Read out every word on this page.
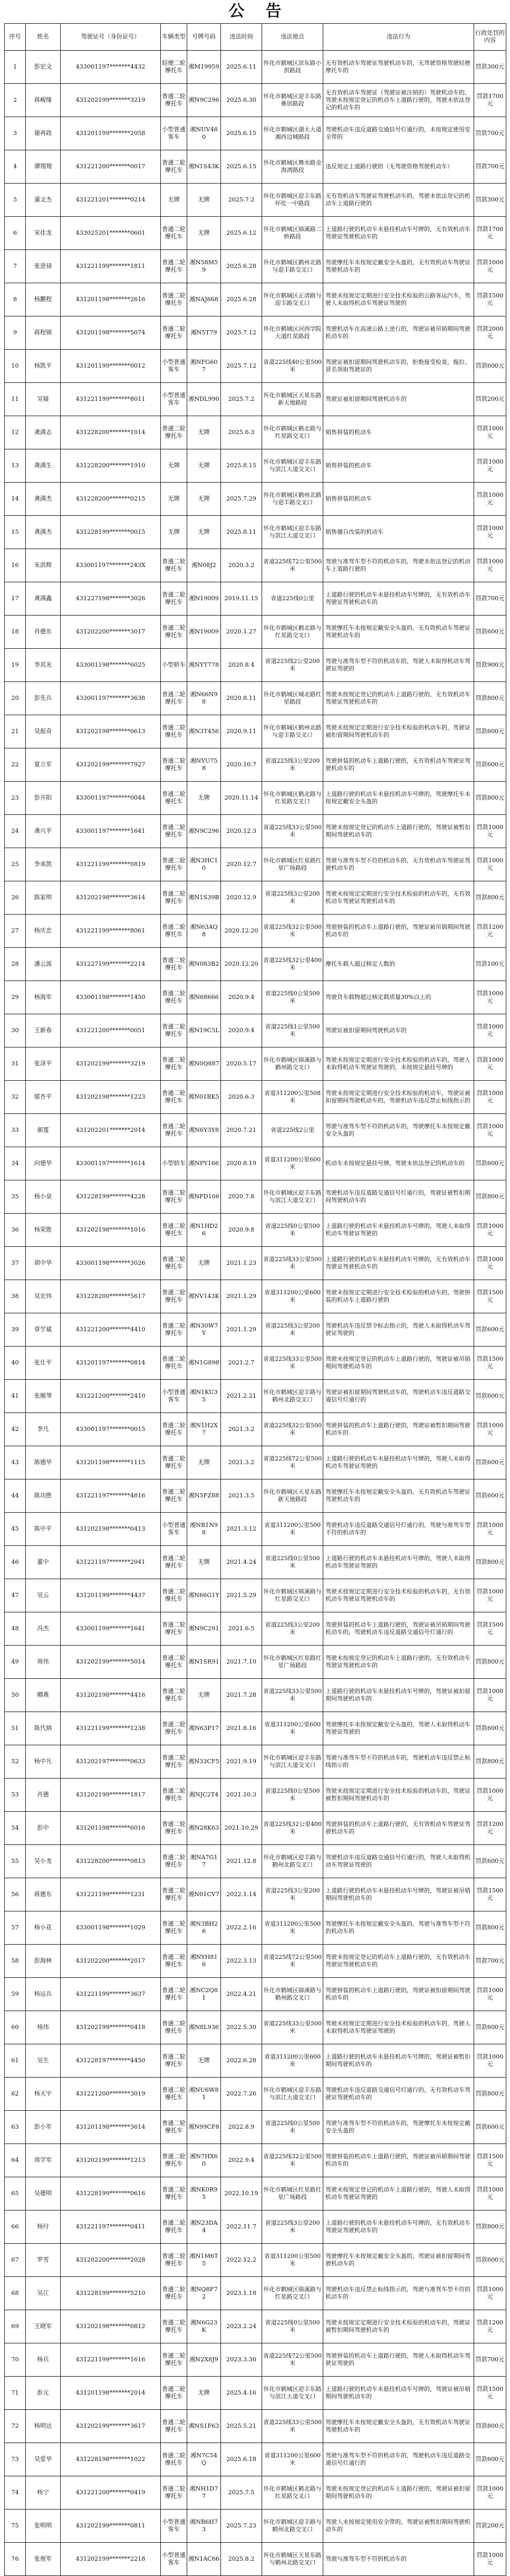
公告
序号	姓名	驾驶证号（身份证号）	车辆类型	号牌号码	违法时间	违法地点	违法行为	行政处罚的内容
1	彭宏文	433001197*******4432	轻便二轮摩托车	湘M19959	2025.6.11	怀化市鹤城区滨东路小拱路段	无有效机动车驾驶证驾驶机动车的，无驾驶资格驾驶轻便摩托车的	罚款300元
2	蒋峻缘	431202199*******3219	普通二轮摩托车	湘N9C296	2025.6.30	怀化市鹤城区迎丰东路雅居路段	无有效机动车驾驶证（驾驶证被注销的）驾驶机动车的，驾驶未按规定登记的机动车上道路行驶的，驾驶未依法登记的机动车的	罚款1700元
3	谢再政	431201199*******2058	小型普通客车	湘NUV480	2025.6.15	怀化市鹤城区湖天大道湘西边城路段	驾驶机动车违反道路交通信号灯通行的，未按规定使用安全带的	罚款700元
4	谭翔翔	431221200*******0017	普通二轮摩托车	湘N1S43K	2025.6.15	怀化市鹤城区舞水路金海湾路段	违反规定上道路行驶的（无驾驶资格驾驶机动车）	罚款700元
5	蒲文杰	431221201*******0214	无牌	无牌	2025.7.2	怀化市鹤城区迎丰东路怀化一中路段	无有效机动车驾驶证驾驶机动车的，驾驶未依法登记的机动车上道路行驶的	罚款300元
6	宋佳龙	433025201*******0601	普通二轮摩托车	无牌	2025.6.12	怀化市鹤城区锦溪路二桥路段	上道路行驶的机动车未悬挂机动车号牌的，无有效机动车驾驶证驾驶机动车的	罚款1700元
7	张进禄	431221199*******1811	普通二轮摩托车	湘N58M59	2025.6.28	怀化市鹤城区鹤州北路与迎丰路交叉口	驾驶摩托车未按规定戴安全头盔的，无有效机动车驾驶证驾驶机动车的	罚款1000元
8	杨鹏程	431201198*******2616	普通二轮摩托车	湘NAJ668	2025.6.28	怀化市鹤城区正清路与迎丰路交叉口	驾驶未按规定定期进行安全技术检验的公路客运汽车，驾驶人未取得机动车驾驶证驾驶的	罚款1500元
9	蒋程锦	431201198*******5074	普通二轮摩托车	湘N5T79	2025.7.12	怀化市鹤城区河西学院大道红星路段	驾驶机动车在高速公路上逆行的，驾驶证被吊销期间驾驶机动车的	罚款2000元
10	杨凯平	431201199*******0012	小型普通客车	湘NFG607	2025.7.12	省道225线40公里500米	驾驶证被扣留期间驾驶机动车的，拒绝接受检查，拖拉、冒名领取驾驶证的	罚款600元
11	吴疑	431221199*******8011	小型普通客车	湘NDL990	2025.7.2	怀化市鹤城区天星东路新天地路段	驾驶证被扣留期间驾驶机动车的	罚款200元
12	龚满志	431228200*******1014	普通二轮摩托车	无牌	2025.6.3	怀化市鹤城区鹤北路与红星路交叉口	销售拼装的机动车	罚款1000元
13	龚满生	431228200*******1910	无牌	无牌	2025.8.15	怀化市鹤城区迎丰东路与滨江大道交叉口	销售拼装的机动车	罚款1000元
14	龚满杰	431228200*******0215	无牌	无牌	2025.7.29	怀化市鹤城区鹤州北路与迎丰路交叉口	销售拼装的机动车	罚款1000元
15	龚满杰	431228199*******0015	无牌	无牌	2025.8.11	怀化市鹤城区迎丰东路与滨江大道交叉口	销售擅自改装的机动车	罚款1000元
16	朱洪辉	433001197*******243X	普通二轮摩托车	湘N08J2	2020.3.2	省道225线72公里500米	驾驶与准驾车型不符的机动车的，驾驶未依法登记的机动车上道路行驶的	罚款1000元
17	龚满鑫	431227198*******3026	普通二轮摩托车	湘N19009	2019.11.15	省道225线0公里	上道路行驶的机动车未悬挂机动车号牌的，无有效机动车驾驶证驾驶机动车的	罚款700元
18	肖德东	431202200*******3017	普通二轮摩托车	湘N19009	2020.1.27	怀化市鹤城区鹤北路与红星路交叉口	驾驶摩托车未按规定戴安全头盔的，无有效机动车驾驶证驾驶机动车的	罚款600元
19	李其光	433001198*******6025	小型轿车	湘NYT778	2020.8.4	省道225线2公里200米	驾驶与准驾车型不符的机动车的，驾驶人未取得机动车驾驶证驾驶的	罚款900元
20	彭先兵	433001197*******3638	普通二轮摩托车	湘N66N98	2020.8.11	怀化市鹤城区城北路红星路段	驾驶未按规定登记的机动车上道路行驶的，无有效机动车驾驶证驾驶机动车的	罚款800元
21	吴振奇	431202198*******0613	普通二轮摩托车	湘N3T456	2020.9.11	怀化市鹤城区鹤州北路与迎丰路交叉口	驾驶未按规定定期进行安全技术检验的机动车的，驾驶证被扣留期间驾驶机动车的	罚款600元
22	夏立军	431202199*******7927	普通二轮摩托车	湘NYU758	2020.10.7	省道225线3公里200米	驾驶拼装的机动车上道路行驶的，无有效机动车驾驶证驾驶机动车的	罚款600元
23	彭开阳	433001197*******0044	普通二轮摩托车	无牌	2020.11.14	怀化市鹤城区鹤北路与红星路交叉口	上道路行驶的机动车未悬挂机动车号牌的，驾驶摩托车未按规定戴安全头盔的	罚款800元
24	龚兴平	433001197*******1641	普通二轮摩托车	湘N9C296	2020.12.3	省道225线33公里500米	驾驶未按规定登记的机动车上道路行驶的，驾驶证被暂扣期间驾驶机动车的	罚款1000元
25	李承凯	431221199*******0819	普通二轮摩托车	湘N3HC10	2020.12.7	怀化市鹤城区红星路红星广场路段	驾驶与准驾车型不符的机动车的，无有效机动车驾驶证驾驶机动车的	罚款1000元
26	陈家明	431202198*******3614	普通二轮摩托车	湘N1S39B	2020.12.9	省道225线3公里200米	驾驶未按规定定期进行安全技术检验的机动车的，无有效机动车驾驶证驾驶机动车的	罚款800元
27	杨庆忠	431221199*******8061	普通二轮摩托车	湘N63AQ8	2020.12.20	省道225线32公里500米	驾驶拼装的机动车上道路行驶的，驾驶证被吊销期间驾驶机动车的	罚款1200元
28	潘云波	431227199*******2214	普通二轮摩托车	湘N083B2	2020.12.20	省道225线32公里400米	摩托车载人超过核定人数的	罚款100元
29	杨海军	433001198*******1450	普通二轮摩托车	湘N68666	2020.9.4	省道225线0公里500米	驾驶货车载物超过核定载质量30%以上的	罚款1000元
30	王新春	431221200*******0051	普通二轮摩托车	湘N19C5L	2020.9.4	省道225线1公里500米	驾驶证被扣留期间驾驶机动车的	罚款1000元
31	张泽平	431202199*******3219	普通二轮摩托车	湘N0Q887	2020.5.17	怀化市鹤城区锦溪路与鹤州路交叉口	驾驶未按规定定期进行安全技术检验的机动车的，驾驶人未取得机动车驾驶证驾驶的，未按规定悬挂号牌的	罚款1000元
32	郁杏平	431202198*******1223	普通二轮摩托车	湘N01BK5	2020.6.3	省道311200公里508米	驾驶未按规定定期进行安全技术检验的机动车，驾驶证被扣留期间驾驶机动车的，驾驶机动车违反禁止标线指示的	罚款1000元
33	郝霆	431202201*******2014	普通二轮摩托车	湘N6Y3Y8	2020.7.21	省道225线2公里	驾驶与准驾车型不符的机动车的，驾驶摩托车未按规定戴安全头盔的	罚款1000元
34	向德华	433001197*******1614	小型轿车	湘NPY166	2020.8.19	省道311200公里600米	机动车未按规定悬挂号牌，驾驶未依法登记的机动车的	罚款600元
35	杨小泉	431228199*******4228	普通二轮摩托车	湘NPD166	2020.7.8	怀化市鹤城区迎丰东路与滨江大道交叉口	驾驶机动车违反道路交通信号灯通行的，驾驶证被暂扣期间驾驶机动车的	罚款800元
36	杨荣胜	431202198*******1016	普通二轮摩托车	湘N1HD26	2020.9.8	省道225线0公里500米	上道路行驶的机动车未悬挂机动车号牌的，驾驶人未取得机动车驾驶证驾驶的	罚款1000元
37	胡中华	433001198*******3026	普通二轮摩托车	无牌	2021.1.23	省道225线33公里500米	上道路行驶的机动车未悬挂机动车号牌的，无有效机动车驾驶证驾驶机动车的	罚款1000元
38	吴宏伟	431228200*******5617	普通二轮摩托车	湘NV143K	2021.1.29	省道311200公里600米	驾驶未按规定定期进行安全技术检验的机动车的，驾驶拼装的机动车上道路行驶的	罚款1500元
39	章学斌	431221200*******4410	普通二轮摩托车	湘N30W7Y	2021.1.29	省道225线3公里200米	驾驶机动车违反禁令标志指示的，驾驶人未取得机动车驾驶证驾驶的	罚款600元
40	张仕平	431201197*******0814	普通二轮摩托车	湘N1G898	2021.2.7	省道225线33公里500米	驾驶未按规定登记的机动车上道路行驶的，驾驶证被吊销期间驾驶机动车的	罚款1500元
41	张顺琴	431221200*******2410	小型普通客车	湘N1KU35	2021.2.21	怀化市鹤城区迎丰路与鹤州北路交叉口	驾驶证被扣留期间驾驶机动车的，驾驶机动车违反道路交通信号灯通行的	罚款600元
42	李凡	433001197*******0015	普通二轮摩托车	湘N1H2X7	2021.3.2	省道225线32公里500米	驾驶拼装的机动车上道路行驶的，驾驶证被暂扣期间驾驶机动车的	罚款1000元
43	陈德华	431201198*******1115	普通二轮摩托车	无牌	2021.3.2	省道225线72公里500米	上道路行驶的机动车未悬挂机动车号牌的，驾驶人未取得机动车驾驶证驾驶的	罚款600元
44	陈功胜	431221197*******4816	普通二轮摩托车	湘N5FZ88	2021.3.5	怀化市鹤城区天星东路新天地路段	驾驶摩托车未按规定戴安全头盔的，无有效机动车驾驶证驾驶机动车的	罚款600元
45	陈中平	431202198*******0413	小型普通客车	湘NB1N98	2021.3.12	省道311200公里500米	驾驶机动车违反道路交通信号灯通行的，驾驶与准驾车型不符的机动车的	罚款1000元
46	董中	431221197*******2041	普通二轮摩托车	无牌	2021.4.24	省道225线0公里500米	上道路行驶的机动车未悬挂机动车号牌的，驾驶人未取得机动车驾驶证驾驶的	罚款800元
47	吴云	431201199*******4437	普通二轮摩托车	湘N66G1Y	2021.5.29	怀化市鹤城区锦溪路与红星路交叉口	驾驶未按规定定期进行安全技术检验的机动车的，无有效机动车驾驶证驾驶机动车的	罚款1000元
48	冯杰	433001199*******1641	普通二轮摩托车	湘N9C291	2021.6.5	省道225线3公里200米	驾驶拼装的机动车上道路行驶的，驾驶证被吊销期间驾驶机动车的，驾驶机动车违反道路交通信号灯通行的	罚款1500元
49	周伟	431202199*******5014	普通二轮摩托车	湘N1SR91	2021.7.10	怀化市鹤城区红星路红星广场路段	驾驶未按规定登记的机动车上道路行驶的，无有效机动车驾驶证驾驶机动车的	罚款800元
50	卿燕	431202198*******4416	普通二轮摩托车	无牌	2021.7.28	省道225线33公里500米	上道路行驶的机动车未悬挂机动车号牌的，驾驶证被扣留期间驾驶机动车的	罚款1000元
51	陈代炳	431221199*******1238	普通二轮摩托车	湘N63P17	2021.8.16	省道311200公里600米	驾驶摩托车未按规定戴安全头盔的，驾驶人未取得机动车驾驶证驾驶的	罚款600元
52	杨中凡	431202197*******0633	普通二轮摩托车	湘N33CF5	2021.9.19	怀化市鹤城区迎丰东路与滨江大道交叉口	驾驶与准驾车型不符的机动车的，驾驶机动车违反禁止标线指示的	罚款800元
53	肖德	431202199*******1817	普通二轮摩托车	湘NJC2T4	2021.10.3	省道225线0公里500米	驾驶未按规定定期进行安全技术检验的机动车的，驾驶证被暂扣期间驾驶机动车的	罚款1000元
54	彭中	431201198*******6016	普通二轮摩托车	湘N28K63	2021.10.29	省道225线32公里400米	驾驶拼装的机动车上道路行驶的，无有效机动车驾驶证驾驶机动车的	罚款1200元
55	吴小龙	431228200*******0813	普通二轮摩托车	湘NA7G17	2021.12.8	怀化市鹤城区迎丰路与鹤州北路交叉口	驾驶机动车违反道路交通信号灯通行的，驾驶人未取得机动车驾驶证驾驶的	罚款600元
56	蒋德东	431221199*******1231	普通二轮摩托车	湘N01CV7	2022.1.14	省道225线3公里200米	上道路行驶的机动车未悬挂机动车号牌的，驾驶证被吊销期间驾驶机动车的	罚款1500元
57	杨小花	433001198*******1029	普通二轮摩托车	湘N3BH26	2022.2.16	省道311200公里500米	驾驶摩托车未按规定戴安全头盔的，驾驶与准驾车型不符的机动车的	罚款800元
58	彭海林	431202200*******2017	普通二轮摩托车	湘NYH816	2022.3.13	省道225线72公里500米	驾驶未按规定登记的机动车上道路行驶的，无有效机动车驾驶证驾驶机动车的	罚款700元
59	杨远兵	431221199*******3637	普通二轮摩托车	湘NC2Q81	2022.4.21	怀化市鹤城区锦溪路与鹤州路交叉口	驾驶拼装的机动车上道路行驶的，驾驶证被扣留期间驾驶机动车的	罚款1000元
60	杨伟	431202199*******0418	普通二轮摩托车	湘N8L936	2022.5.30	省道225线33公里500米	驾驶未按规定定期进行安全技术检验的机动车的，驾驶人未取得机动车驾驶证驾驶的	罚款600元
61	吴生	431228197*******4450	普通二轮摩托车	无牌	2022.6.28	省道311200公里600米	上道路行驶的机动车未悬挂机动车号牌的，驾驶证被暂扣期间驾驶机动车的	罚款1000元
62	杨天宇	431221200*******3019	普通二轮摩托车	湘NU6W81	2022.7.26	怀化市鹤城区迎丰东路与滨江大道交叉口	驾驶机动车违反道路交通信号灯通行的，无有效机动车驾驶证驾驶机动车的	罚款800元
63	彭小军	431201198*******3614	普通二轮摩托车	湘N99CF8	2022.8.9	省道225线0公里500米	驾驶与准驾车型不符的机动车的，驾驶摩托车未按规定戴安全头盔的	罚款600元
64	周学军	431202199*******1213	普通二轮摩托车	湘N7HX60	2022.9.4	省道225线32公里500米	驾驶拼装的机动车上道路行驶的，驾驶证被吊销期间驾驶机动车的	罚款1500元
65	吴德明	431228199*******0616	普通二轮摩托车	湘NK0R95	2022.10.19	怀化市鹤城区红星路红星广场路段	驾驶未按规定登记的机动车上道路行驶的，驾驶人未取得机动车驾驶证驾驶的	罚款1000元
66	杨付	431221197*******0411	普通二轮摩托车	湘N23DA4	2022.11.7	省道225线3公里200米	上道路行驶的机动车未悬挂机动车号牌的，无有效机动车驾驶证驾驶机动车的	罚款800元
67	罗雪	431202200*******2028	普通二轮摩托车	湘N1M6T5	2022.12.2	省道311200公里500米	驾驶摩托车未按规定戴安全头盔的，驾驶证被扣留期间驾驶机动车的	罚款600元
68	吴江	431228199*******5210	普通二轮摩托车	湘NQ8F72	2023.1.18	怀化市鹤城区锦溪路与红星路交叉口	驾驶机动车违反禁止标线指示的，驾驶与准驾车型不符的机动车的	罚款1000元
69	王晓军	431202198*******0812	普通二轮摩托车	湘N6G23K	2023.2.24	省道225线0公里500米	驾驶未按规定定期进行安全技术检验的机动车的，驾驶证被暂扣期间驾驶机动车的	罚款1200元
70	杨兵	431221199*******1616	普通二轮摩托车	湘N2X8J9	2023.3.30	省道225线72公里500米	驾驶拼装的机动车上道路行驶的，驾驶人未取得机动车驾驶证驾驶的	罚款700元
71	彭元	431201198*******2014	普通二轮摩托车	无牌	2025.4.16	怀化市鹤城区迎丰东路与滨江大道交叉口	上道路行驶的机动车未悬挂机动车号牌的，驾驶证被吊销期间驾驶机动车的	罚款1500元
72	杨明达	431202199*******3617	普通二轮摩托车	湘NS1F63	2025.5.21	省道225线33公里500米	驾驶摩托车未按规定戴安全头盔的，无有效机动车驾驶证驾驶机动车的	罚款800元
73	吴爱华	431228198*******1022	普通二轮摩托车	湘N7C54Q	2025.6.18	省道311200公里600米	驾驶与准驾车型不符的机动车的，驾驶机动车违反道路交通信号灯通行的	罚款600元
74	杨宁	431221200*******0419	普通二轮摩托车	湘NH1D77	2025.7.5	怀化市鹤城区鹤北路与红星路交叉口	驾驶未按规定登记的机动车上道路行驶的，驾驶证被扣留期间驾驶机动车的	罚款1000元
75	张明明	431202199*******0811	小型普通客车	湘NB6H73	2025.7.23	怀化市鹤城区迎丰路与鹤州北路交叉口	驾驶人未按规定使用安全带的，驾驶证被暂扣期间驾驶机动车的	罚款200元
76	张俊军	431202199*******2218	小型普通客车	湘N1AC66	2025.8.2	怀化市鹤城区天星东路与鹤州北路交叉口	驾驶与准驾车型不符的机动车的	罚款1000元
